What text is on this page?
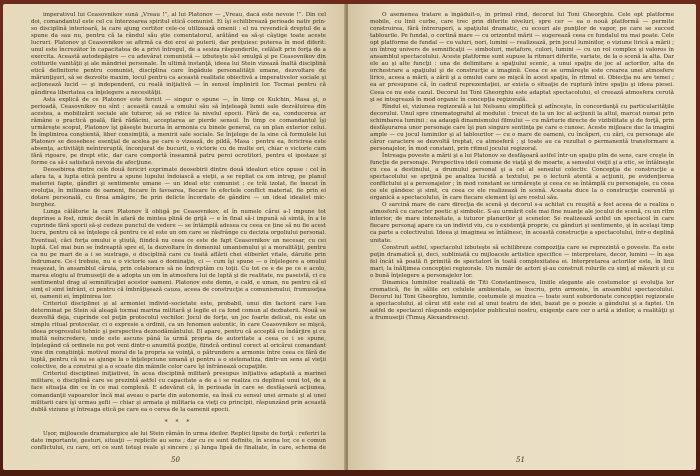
imperativul lui Ceasovnikov sună „Vreau !”, al lui Platonov — „Vreau, dacă este nevoie !”. Din cel doi, comandantul este cel cu înterzoarea spiritul etică comunist. Ei îşi echilibrează perioade nativ prin-so disciplină interioară, la care ajung certitor cele-ce utilizează omenii : el nu revendică dreptul de a spune da sau nu, pentru că la rândul său ştie comentatorul, arătând ea să-şi câştige toate aceste lucruri. Platonov şi Ceasovnikov se afirmă ca doi eroi ai puterii, dar preţuiesc puterea în mod diferit: unul este încrezător în capacitatea de a privi întregul, de a sesiza răspunderile, celălalt prin forţa de a exercita. Această autodepăşire — cu adevărat comunistă — izbuteşte să-l smulgă şi pe Ceasovnikov din cotiturile vanităţii şi ale mândriei personale. În ultimă instanţă, ideea lui Stein vizează înaltă disciplină etică definitorie pentru comunist, disciplina care îngăduie personalităţii umane, dezvoltare de mărunţişuri, să se dezvolte maxim, locul pentru ca această realitate obiectivă a imperativelor sociale şi acţionează lucid — şi independent, cu reală iniţiativă — în sensul împlinirii lor. Tocmai pentru că gândirea libertatea ca înţelegere a necesităţii.

Asta explică de ce Platonov este fericit — singur o spune —, în timp ce Kulchin, Masa şi, o perioadă, Ceasovnikov nu sînt : această cauză a omului său să înţeleagă lumii sale dezvăluirea din acestea, a mobilizării sociale ale tuturor, să se ridice la nivelul epocii. Fără de ea, conducerea ar rămâne o practică goală, fără rădăcini, acceptarea ar pierde sensul. În timp ce comandantul îşi urmăreşte scopul, Platonov îşi găseşte bucuria în armonia cu binele general, ca un plan exterior celui. În împlinirea conştientă, liber consimţită, a menirii sale sociale. Se înţelege de la sine că formulele lui Platonov se deosebesc esenţial de acelea pe care o vizează, de pildă, Masa : pentru ea, fericirea este absenţa, activităţii neîntreruptă, înconjurat de bucurii, o victorie cu de multe ori, chiar o victorie cum fără rigoare, pe drept etic, dar care comportă înseamnă patru peroi ocrotitori, pentru el ipostaze şi forme ca să-i satisfacă nevoia de afecţiune.

Deosebirea dintre cele două fericiri exprimate deosebirii dintre două idealuri etice opuse : cel în afara ta, a lupta etică pentru a spune lupului îndoiască a vieţii, a se repliat ca om intreg, pe planul materiei fapte, gândiri şi sentimente umane — un ideal etic comunist ; ce trăi izolat, fie înecat în evoluţia, în milioane de oameni, fiecare în favoarea, fiecare în efectele conflict material, fie prin ei dotare personală, cu firea amăgire, fie prin delicte încordate de gândire — un ideal idealist mic-burghez.

Lunga călătorie la care Platonov îl obligă pe Ceasovnikov, el în numele cărui a-l impune tot deprinse a fost, nimic decât în afară de mintea plină de grijă — e în final să-i impună să simtă, în a le cuprinde fără sporii să-şi cedeze punctul de vedere — se întâmplă adesea cu ceea ce ține să nu fie acest lucru, pentru că se înţelege că pentru ce el este un om care se răsfrânge cu decizia orgoliului personal. Eventual, căci forţa omului e ştiută, fiindcă nu ceea ce este de fapt Ceasovnikov un necesar, cu cei luptă. Cel mai bun se îndreaptă spre el, la dezvoltare în domeniul umanismului şi a moralităţii, pentru ca nu pe mari de a i se sustrage, o disciplină care cu toată aflării chei eliberări vitale, dăruite prin îndrumare. Ce-i trebuie, nu e o victorie sau o dominaţie, ci — cum îşi spune — o înţelegere a omului reaşezat, în ansamblul căruia, prin colaborare să ne îndreptăm cu toţii. Cu tot ce e de pe ce e acolo, marea elogiu al frumuseţii de a adopta un om în atmosfera lui de luptă şi de realitate, nu paseistă, ci cu sentimentul drag al semnificaţiei acestor oameni. Platonov este demn, e cald, e uman, nu pentru că el simţ el simt înfrânt, ci pentru că îmbrăţişează cauza, aceea de construcţie a comunismului, frumuseţea ei, oamenii ei, împlinirea lor.

Criteriul disciplinei şi al armoniei individ–societate este, probabil, unui din factorii care l-au determinat pe Stein să aleagă tocmai marina militară şi legile ei ca fond comun al dezbaterii. Nouă se dezvoltă deja, cuprinde cel puţin protocolul vechilor. Jocul de forţe, un joc foarte delicat, nu este un simplu ritual protocolar, ci o expresie a ordinii, ca un fenomen autentic, în care Ceasovnikov se mişcă, ideea progresului tehnic şi perspectiva deznodământului. El apare, pentru că acceptă cu îndârjire şi cu multă neîncredere, unde este ascuns până la urmă propria de autoritate a ceea ce i se spune, înţelegând că ordinele nu pot veni dintr-o anumită poziţie, fiindcă ordinul corect al oricărui comandant vine din conştiinţă: motivul moral de la propria sa voinţă, o pătrundere a armonie între ceea ce fără de luptă, pentru că nu se ajunge la o înţelepciune umană şi pentru a o sistematiza, dintr-un sens al vieţii colective, de a construi şi a o scoate din mâinile celor care îşi înfrânează ocupaţiile.

Criteriul disciplinei iniţiativei, în acea disciplină militară presupus iniţiativa adaptată a marinei militare, o disciplină care se prezintă astfel cu capacitate a de a i se realiza cu deplinul unui tot, de a face situaţia din ce în ce mai complexă. E adevărat că, în perioada în care se desfăşoară acţiunea, comandanţii vapoarelor încă mai aveau o parte din autonomie, ea însă cu sensul unei armate şi al unei militarii care îşi urmau şefii — chiar şi armata şi militaria ca vieţi cu principii, răspunzând prin această dublă viziune şi întreaga etică pe care ea o cerea de la oamenii epocii.

* * *

Ușor, mijloacele dramaturgice ale lui Stein rămân în urma ideilor. Replici lipsite de forţă : referiri la date importante, gesturi, situaţii — replicile au sens ; dar cu ce sunt definite, în scena lor, ce e comun conflictului, cu care, ori ce sunt totuşi reale şi sincere ; şi lunga lipsă de finaliate, în care, schema de

50

O asemenea tratare a îngăduit-o, în primul rînd, decorul lui Toni Gheorghiu. Cele opt platforme mobile, cu linii curbe, care trec prin diferite niveluri, spre cer — ea o nouă platformă — permite construirea, fără întreruperi, a spaţiului dramatic, cu ecouri ale punţilor de vapor, pe care se succed tablourile. Pe fundal, o cortină mare — cu orizontul mării — sugerează ceea ce fundalul nu mai poate. Cele opt platforme de fundal — cu valuri, nori, lumini — realizează, prin jocul luminilor, o viziune lirică a mării ; un întreg univers de semnificaţii — simboluri, metafore, culori, lumini — cu un rol complex şi valoros în ansamblul spectacolului. Aceste platforme sunt supuse la ritmuri diferite, variate, de la o scenă la alta. Dar ele au şi alte funcţii : una de delimitare a spaţiului scenic, a unui spaţiu de joc al actorilor, alta de orchestrare a spaţiului şi de construcţie a imaginii. Ceea ce se urmăreşte este crearea unei atmosfere lirice, aceea a mării, a zării şi a omului care se mişcă în acest spaţiu, în ritmul ei. Obiecţia nu are temei ; ea ar presupune că, în cadrul reprezentaţiei, ar exista o situaţie de ruptură între spaţiu şi ideea piesei. Ceea ce nu este cazul. Decorul lui Toni Gheorghiu este adaptat spectacolului, el creează atmosfera cerută şi se integrează în mod organic în concepţia regizorală.

Rîndul ei, viziunea regizorală a lui Nelsanu simplifică şi adînceşte, în concordanţă cu particularităţile decorului. Unul spre cinematograful al modului : trecut de la un loc al acţiunii la altul, marcat numai prin schimbarea luminii ; ea adaugă dinamismului filmului — cu mărturie directe de vizibilitate şi de forţă, prin desfăşurarea unor personaje care îşi pun singure sentinţa pe care o cunosc. Aceste mijloace duc la imagini ample — cu jocul luminilor şi al tablourilor — cu o mare de oameni, cu încăperi, cu zări, cu personaje ale căror caractere se dezvoltă treptat, cu atmosferă ; şi toate au ca rezultat o permanentă transformare a personajelor, în mod constant, prin ritmul jocului regizoral.

Întreaga poveste a mării şi a lui Platonov se desfăşoară astfel într-un spaţiu plin de sens, care creşte în funcţie de personaje. Perspectiva ideii comune de viaţă şi de moarte, a sensului vieţii şi a etic, se întâlneşte cu cea a destinului, a drumului personal şi a cel al sensului colectiv. Concepţia de construcţie a spectacolului se sprijină pe analiza lucidă a textului, pe o lectură atentă a acţiunii, pe evidenţierea conflictului şi a personajelor ; în mod constant se urmăreşte şi ceea ce se întâmplă cu personajele, cu ceea ce ele gândesc şi simt, cu ceea ce ele realizează în scenă. Aceasta duce la o construcţie coerentă şi organică a spectacolului, în care fiecare element îşi are rostul său.

O sarcină mare de care direcţia de scenă şi decorul s-a achitat cu reuşită a fost aceea de a realiza o atmosferă cu caracter poetic şi simbolic. S-au urmărit cele mai fine nuanţe ale jocului de scenă, cu un ritm interior, de mare intensitate, a tuturor planurilor şi scenelor. Se realizează astfel un spectacol în care fiecare personaj apare ca un individ viu, cu o existenţă proprie, cu gânduri şi sentimente, şi în acelaşi timp ca parte a colectivului. Ideea şi imaginea se întâlnesc, în această construcţie a spectacolului, într-o deplină unitate.

Construit astfel, spectacolul izbuteşte să echilibreze compoziţia care se reprezintă o poveste. Ea este puţin dramatică şi, deci, subliniată cu mijloacele artistice specifice — interpretare, decor, lumini — în aşa fel încât să poată fi primită de spectatori în toată complexitatea ei. Interpretarea actorilor este, în linii mari, la înălţimea concepţiei regizorale. Un număr de actori şi-au construit rolurile cu simţ al măsurii şi cu o bună înţelegere a personajelor lor.

Dinamica luminilor realizată de Titi Constantinescu, liniile elegante ale costumelor şi evoluţia lor cromatică, fie în sălile ori celulele ambientale, se înscriu, prin armonie, în ansamblul spectacolului. Decorul lui Toni Gheorghiu, luminile, costumele şi muzica — toate sunt subordonate concepţiei regizorale a spectacolului, al cărui stil este cel al unui teatru de idei, bazat pe o poezie a gândului şi a faptei. Un astfel de spectacol răspunde exigenţelor publicului nostru, exigenţe care cer o artă a ideilor, a realităţii şi a frumuseţii (Timuş Alexandrescu).

51
